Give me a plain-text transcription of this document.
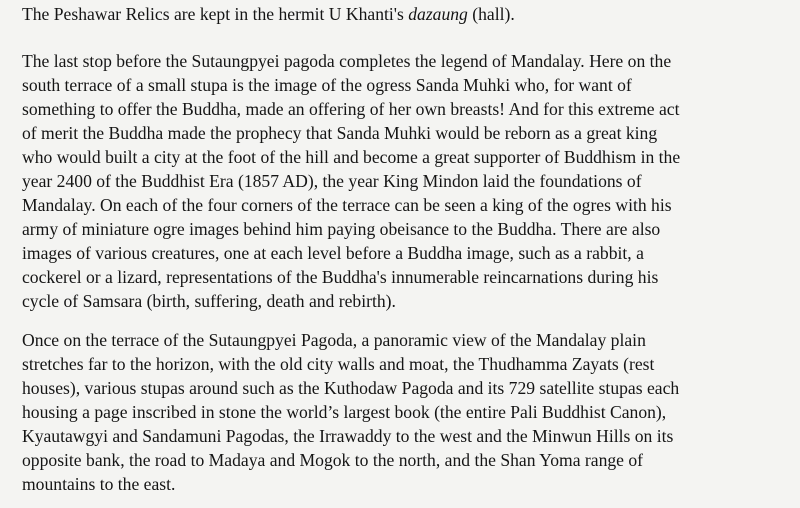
The Peshawar Relics are kept in the hermit U Khanti's dazaung (hall).
The last stop before the Sutaungpyei pagoda completes the legend of Mandalay. Here on the
south terrace of a small stupa is the image of the ogress Sanda Muhki who, for want of
something to offer the Buddha, made an offering of her own breasts! And for this extreme act
of merit the Buddha made the prophecy that Sanda Muhki would be reborn as a great king
who would built a city at the foot of the hill and become a great supporter of Buddhism in the
year 2400 of the Buddhist Era (1857 AD), the year King Mindon laid the foundations of
Mandalay. On each of the four corners of the terrace can be seen a king of the ogres with his
army of miniature ogre images behind him paying obeisance to the Buddha. There are also
images of various creatures, one at each level before a Buddha image, such as a rabbit, a
cockerel or a lizard, representations of the Buddha's innumerable reincarnations during his
cycle of Samsara (birth, suffering, death and rebirth).
Once on the terrace of the Sutaungpyei Pagoda, a panoramic view of the Mandalay plain
stretches far to the horizon, with the old city walls and moat, the Thudhamma Zayats (rest
houses), various stupas around such as the Kuthodaw Pagoda and its 729 satellite stupas each
housing a page inscribed in stone the world’s largest book (the entire Pali Buddhist Canon),
Kyautawgyi and Sandamuni Pagodas, the Irrawaddy to the west and the Minwun Hills on its
opposite bank, the road to Madaya and Mogok to the north, and the Shan Yoma range of
mountains to the east.
